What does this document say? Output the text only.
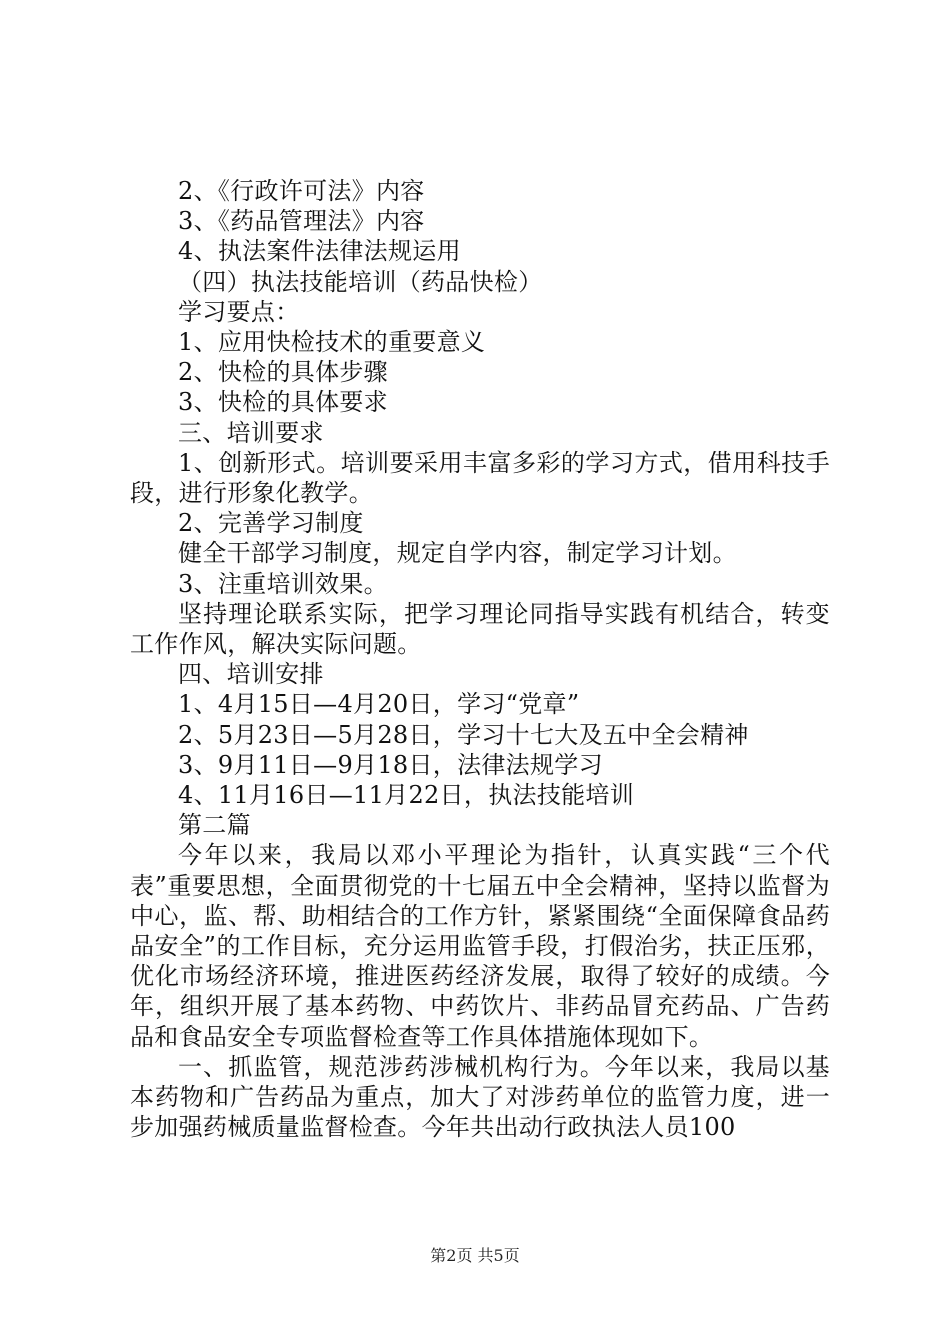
2、《行政许可法》内容

3、《药品管理法》内容

4、执法案件法律法规运用

（四）执法技能培训（药品快检）

学习要点：

1、应用快检技术的重要意义

2、快检的具体步骤

3、快检的具体要求

三、培训要求

1、创新形式。培训要采用丰富多彩的学习方式，借用科技手段，进行形象化教学。

2、完善学习制度

健全干部学习制度，规定自学内容，制定学习计划。

3、注重培训效果。

坚持理论联系实际，把学习理论同指导实践有机结合，转变工作作风，解决实际问题。

四、培训安排

1、4月15日—4月20日，学习“党章”

2、5月23日—5月28日，学习十七大及五中全会精神

3、9月11日—9月18日，法律法规学习

4、11月16日—11月22日，执法技能培训

第二篇

今年以来，我局以邓小平理论为指针，认真实践“三个代表”重要思想，全面贯彻党的十七届五中全会精神，坚持以监督为中心，监、帮、助相结合的工作方针，紧紧围绕“全面保障食品药品安全”的工作目标，充分运用监管手段，打假治劣，扶正压邪，优化市场经济环境，推进医药经济发展，取得了较好的成绩。今年，组织开展了基本药物、中药饮片、非药品冒充药品、广告药品和食品安全专项监督检查等工作具体措施体现如下。

一、抓监管，规范涉药涉械机构行为。今年以来，我局以基本药物和广告药品为重点，加大了对涉药单位的监管力度，进一步加强药械质量监督检查。今年共出动行政执法人员100

第2页 共5页
